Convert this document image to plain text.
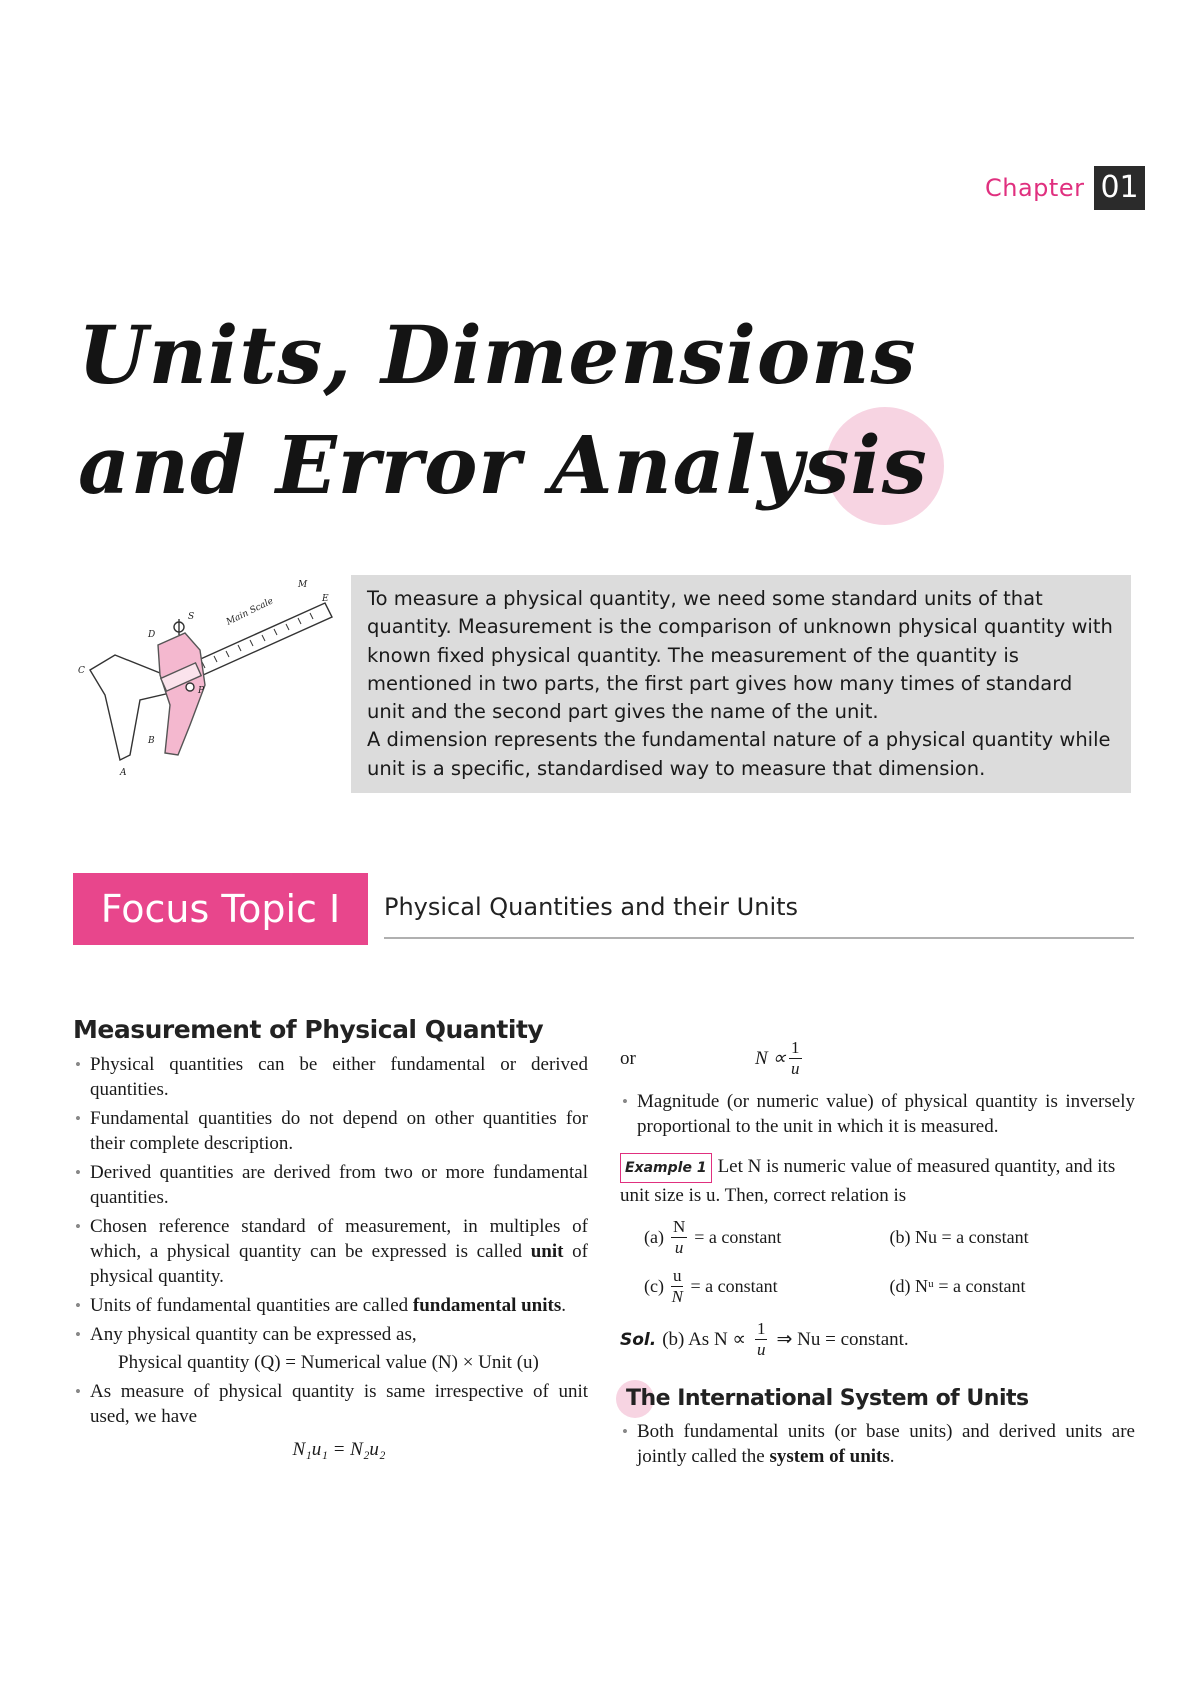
Chapter 01
Units, Dimensions
and Error Analysis
Main Scale
M
E
C
D
S
P
A
B

To measure a physical quantity, we need some standard units of that quantity. Measurement is the comparison of unknown physical quantity with known fixed physical quantity. The measurement of the quantity is mentioned in two parts, the first part gives how many times of standard unit and the second part gives the name of the unit.

A dimension represents the fundamental nature of a physical quantity while unit is a specific, standardised way to measure that dimension.

Focus Topic I	Physical Quantities and their Units
Measurement of Physical Quantity
• Physical quantities can be either fundamental or derived quantities.
• Fundamental quantities do not depend on other quantities for their complete description.
• Derived quantities are derived from two or more fundamental quantities.
• Chosen reference standard of measurement, in multiples of which, a physical quantity can be expressed is called unit of physical quantity.
• Units of fundamental quantities are called fundamental units.
• Any physical quantity can be expressed as,
Physical quantity (Q) = Numerical value (N) × Unit (u)
• As measure of physical quantity is same irrespective of unit used, we have
N₁u₁ = N₂u₂
or	$N \propto \frac{1}{u}$
• Magnitude (or numeric value) of physical quantity is inversely proportional to the unit in which it is measured.
Example 1 Let N is numeric value of measured quantity, and its unit size is u. Then, correct relation is
$(a) \frac{N}{u} = a$ constant	(b) Nu = a constant
$(c) \frac{u}{N} = a$ constant	(d) Nᵘ = a constant
Sol. (b) As $N \propto \frac{1}{u}$ ⇒ Nu = constant.
The International System of Units
• Both fundamental units (or base units) and derived units are jointly called the system of units.
